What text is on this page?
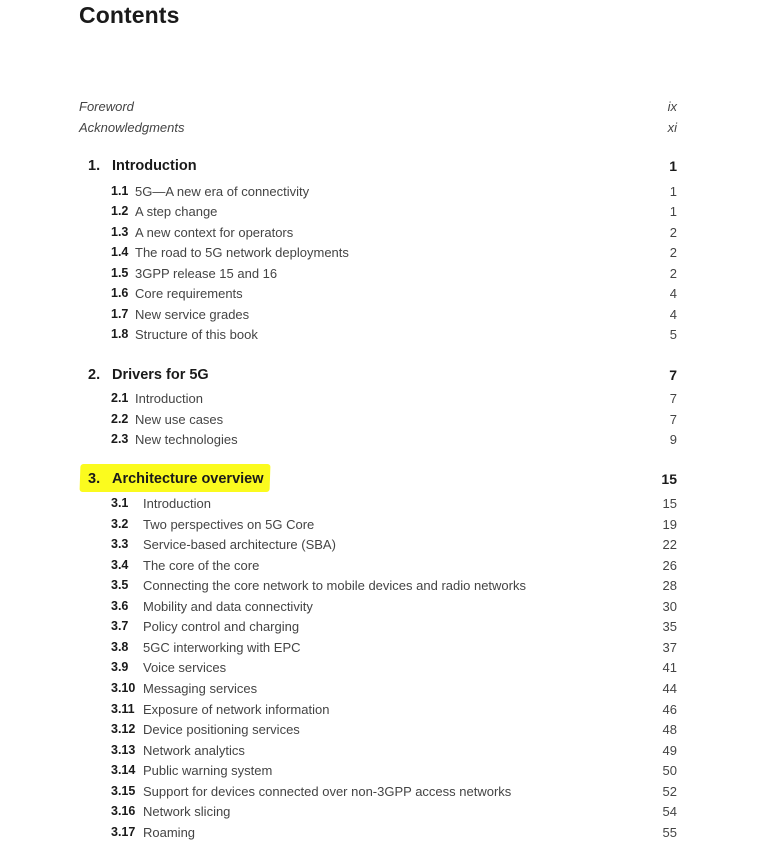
Contents
Foreword	ix
Acknowledgments	xi
1. Introduction	1
1.1 5G—A new era of connectivity	1
1.2 A step change	1
1.3 A new context for operators	2
1.4 The road to 5G network deployments	2
1.5 3GPP release 15 and 16	2
1.6 Core requirements	4
1.7 New service grades	4
1.8 Structure of this book	5
2. Drivers for 5G	7
2.1 Introduction	7
2.2 New use cases	7
2.3 New technologies	9
3. Architecture overview	15
3.1 Introduction	15
3.2 Two perspectives on 5G Core	19
3.3 Service-based architecture (SBA)	22
3.4 The core of the core	26
3.5 Connecting the core network to mobile devices and radio networks	28
3.6 Mobility and data connectivity	30
3.7 Policy control and charging	35
3.8 5GC interworking with EPC	37
3.9 Voice services	41
3.10 Messaging services	44
3.11 Exposure of network information	46
3.12 Device positioning services	48
3.13 Network analytics	49
3.14 Public warning system	50
3.15 Support for devices connected over non-3GPP access networks	52
3.16 Network slicing	54
3.17 Roaming	55
